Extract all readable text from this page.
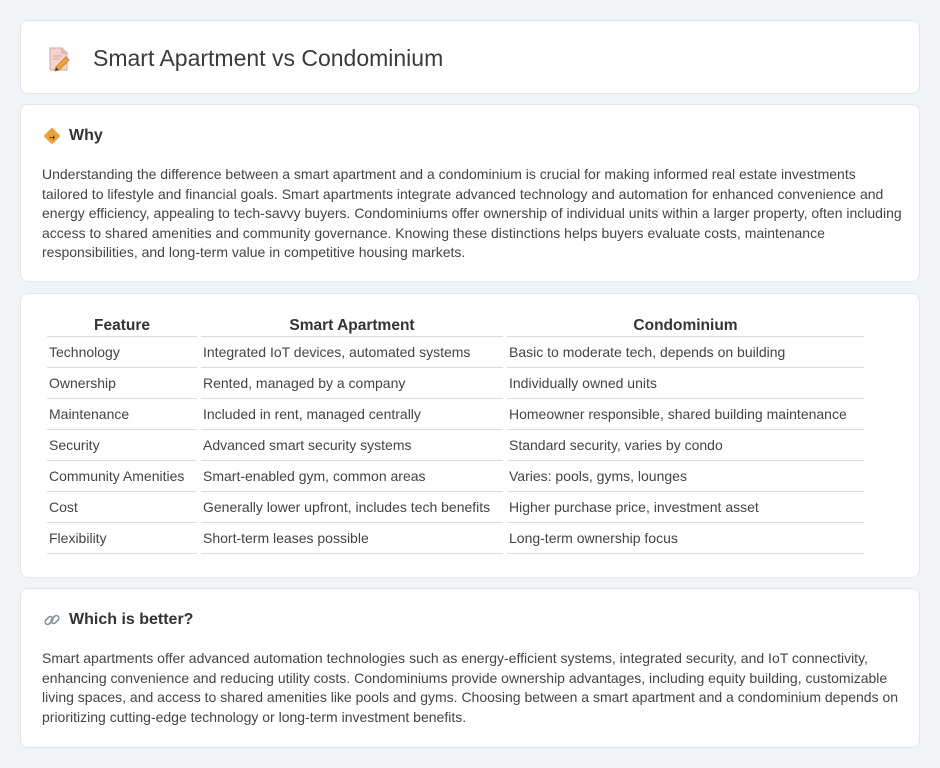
Smart Apartment vs Condominium
Why

Understanding the difference between a smart apartment and a condominium is crucial for making informed real estate investments tailored to lifestyle and financial goals. Smart apartments integrate advanced technology and automation for enhanced convenience and energy efficiency, appealing to tech-savvy buyers. Condominiums offer ownership of individual units within a larger property, often including access to shared amenities and community governance. Knowing these distinctions helps buyers evaluate costs, maintenance responsibilities, and long-term value in competitive housing markets.

Feature	Smart Apartment	Condominium
Technology	Integrated IoT devices, automated systems	Basic to moderate tech, depends on building
Ownership	Rented, managed by a company	Individually owned units
Maintenance	Included in rent, managed centrally	Homeowner responsible, shared building maintenance
Security	Advanced smart security systems	Standard security, varies by condo
Community Amenities	Smart-enabled gym, common areas	Varies: pools, gyms, lounges
Cost	Generally lower upfront, includes tech benefits	Higher purchase price, investment asset
Flexibility	Short-term leases possible	Long-term ownership focus
Which is better?

Smart apartments offer advanced automation technologies such as energy-efficient systems, integrated security, and IoT connectivity, enhancing convenience and reducing utility costs. Condominiums provide ownership advantages, including equity building, customizable living spaces, and access to shared amenities like pools and gyms. Choosing between a smart apartment and a condominium depends on prioritizing cutting-edge technology or long-term investment benefits.
